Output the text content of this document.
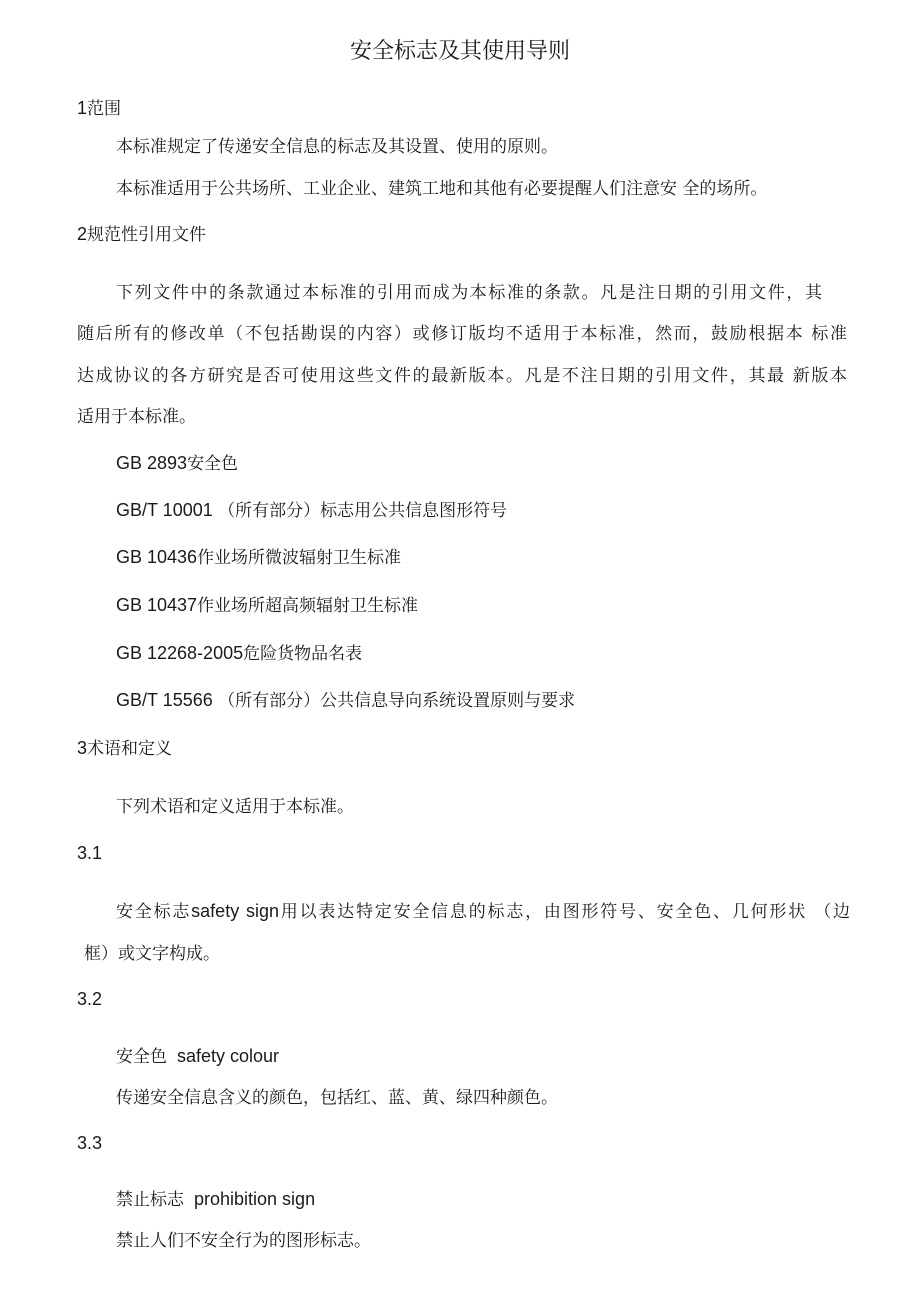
安全标志及其使用导则
1范围
本标准规定了传递安全信息的标志及其设置、使用的原则。
本标准适用于公共场所、工业企业、建筑工地和其他有必要提醒人们注意安 全的场所。
2规范性引用文件
下列文件中的条款通过本标准的引用而成为本标准的条款。凡是注日期的引用文件，其
随后所有的修改单（不包括勘误的内容）或修订版均不适用于本标准，然而，鼓励根据本 标准
达成协议的各方研究是否可使用这些文件的最新版本。凡是不注日期的引用文件，其最 新版本
适用于本标准。
GB 2893安全色
GB/T 10001 （所有部分）标志用公共信息图形符号
GB 10436作业场所微波辐射卫生标准
GB 10437作业场所超高频辐射卫生标准
GB 12268-2005危险货物品名表
GB/T 15566 （所有部分）公共信息导向系统设置原则与要求
3术语和定义
下列术语和定义适用于本标准。
3.1
安全标志safety sign用以表达特定安全信息的标志，由图形符号、安全色、几何形状 （边
框）或文字构成。
3.2
安全色 safety colour
传递安全信息含义的颜色，包括红、蓝、黄、绿四种颜色。
3.3
禁止标志 prohibition sign
禁止人们不安全行为的图形标志。
